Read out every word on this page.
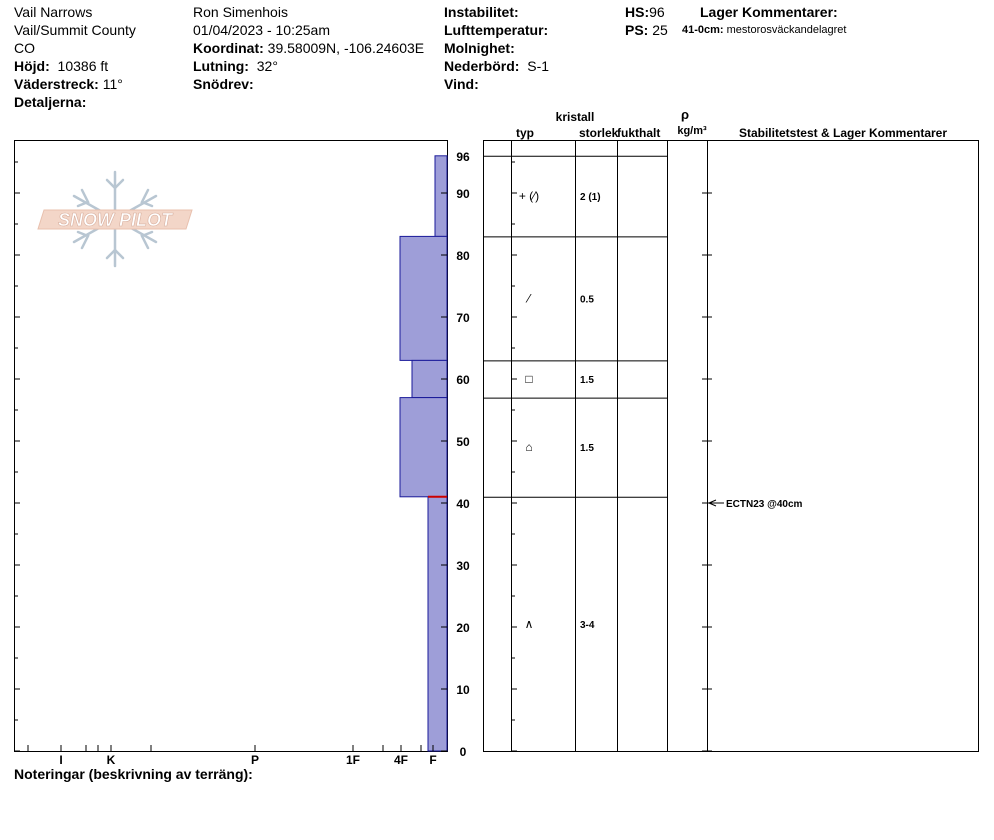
Vail Narrows
Vail/Summit County
CO
Höjd: 10386 ft
Väderstreck: 11°
Detaljerna:
Ron Simenhois
01/04/2023 - 10:25am
Koordinat: 39.58009N, -106.24603E
Lutning: 32°
Snödrev:
Instabilitet:
Lufttemperatur:
Molnighet:
Nederbörd: S-1
Vind:
HS:96
PS: 25
Lager Kommentarer:
41-0cm: mestorosväckandelagret
SNOW PILOT
I	K	P	1F	4F F
+ (⁄)	2 (1)
⁄	0.5
□	1.5
⌂	1.5
∧	3-4
96
90
80
70
60
50
40
30
20
10
0
ECTN23 @40cm
kristall
typ	storlek
fukthalt
ρ
kg/m³	Stabilitetstest & Lager Kommentarer
Noteringar (beskrivning av terräng):
